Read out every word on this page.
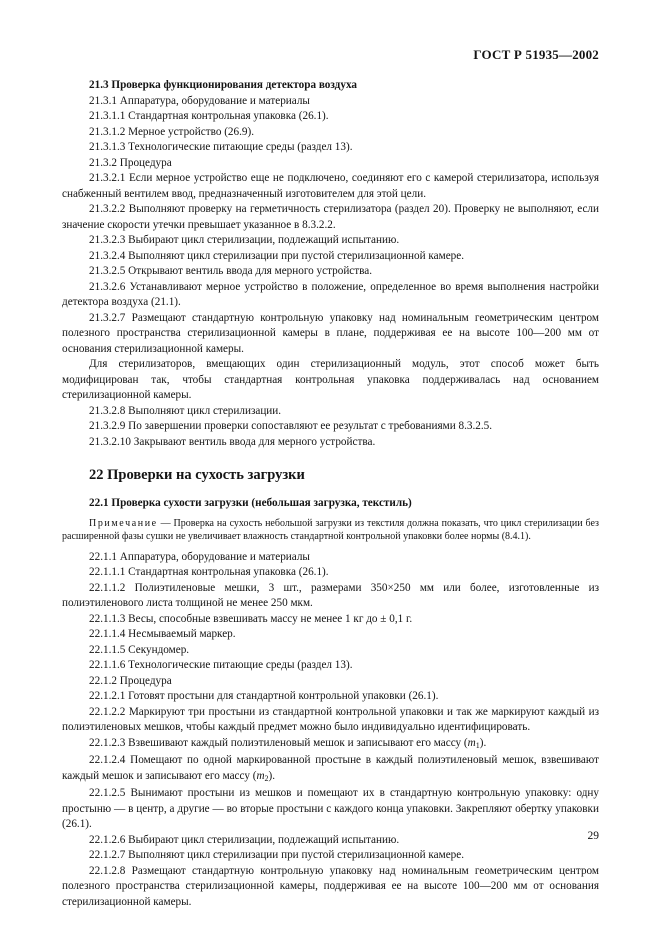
ГОСТ Р 51935—2002

21.3 Проверка функционирования детектора воздуха

21.3.1 Аппаратура, оборудование и материалы

21.3.1.1 Стандартная контрольная упаковка (26.1).

21.3.1.2 Мерное устройство (26.9).

21.3.1.3 Технологические питающие среды (раздел 13).

21.3.2 Процедура

21.3.2.1 Если мерное устройство еще не подключено, соединяют его с камерой стерилизатора, используя снабженный вентилем ввод, предназначенный изготовителем для этой цели.

21.3.2.2 Выполняют проверку на герметичность стерилизатора (раздел 20). Проверку не выполняют, если значение скорости утечки превышает указанное в 8.3.2.2.

21.3.2.3 Выбирают цикл стерилизации, подлежащий испытанию.

21.3.2.4 Выполняют цикл стерилизации при пустой стерилизационной камере.

21.3.2.5 Открывают вентиль ввода для мерного устройства.

21.3.2.6 Устанавливают мерное устройство в положение, определенное во время выполнения настройки детектора воздуха (21.1).

21.3.2.7 Размещают стандартную контрольную упаковку над номинальным геометрическим центром полезного пространства стерилизационной камеры в плане, поддерживая ее на высоте 100—200 мм от основания стерилизационной камеры.

Для стерилизаторов, вмещающих один стерилизационный модуль, этот способ может быть модифицирован так, чтобы стандартная контрольная упаковка поддерживалась над основанием стерилизационной камеры.

21.3.2.8 Выполняют цикл стерилизации.

21.3.2.9 По завершении проверки сопоставляют ее результат с требованиями 8.3.2.5.

21.3.2.10 Закрывают вентиль ввода для мерного устройства.

22 Проверки на сухость загрузки

22.1 Проверка сухости загрузки (небольшая загрузка, текстиль)

Примечание — Проверка на сухость небольшой загрузки из текстиля должна показать, что цикл стерилизации без расширенной фазы сушки не увеличивает влажность стандартной контрольной упаковки более нормы (8.4.1).

22.1.1 Аппаратура, оборудование и материалы

22.1.1.1 Стандартная контрольная упаковка (26.1).

22.1.1.2 Полиэтиленовые мешки, 3 шт., размерами 350×250 мм или более, изготовленные из полиэтиленового листа толщиной не менее 250 мкм.

22.1.1.3 Весы, способные взвешивать массу не менее 1 кг до ± 0,1 г.

22.1.1.4 Несмываемый маркер.

22.1.1.5 Секундомер.

22.1.1.6 Технологические питающие среды (раздел 13).

22.1.2 Процедура

22.1.2.1 Готовят простыни для стандартной контрольной упаковки (26.1).

22.1.2.2 Маркируют три простыни из стандартной контрольной упаковки и так же маркируют каждый из полиэтиленовых мешков, чтобы каждый предмет можно было индивидуально идентифицировать.

22.1.2.3 Взвешивают каждый полиэтиленовый мешок и записывают его массу $(m_1)$.

22.1.2.4 Помещают по одной маркированной простыне в каждый полиэтиленовый мешок, взвешивают каждый мешок и записывают его массу $(m_2)$.

22.1.2.5 Вынимают простыни из мешков и помещают их в стандартную контрольную упаковку: одну простыню — в центр, а другие — во вторые простыни с каждого конца упаковки. Закрепляют обертку упаковки (26.1).

22.1.2.6 Выбирают цикл стерилизации, подлежащий испытанию.

22.1.2.7 Выполняют цикл стерилизации при пустой стерилизационной камере.

22.1.2.8 Размещают стандартную контрольную упаковку над номинальным геометрическим центром полезного пространства стерилизационной камеры, поддерживая ее на высоте 100—200 мм от основания стерилизационной камеры.

29
